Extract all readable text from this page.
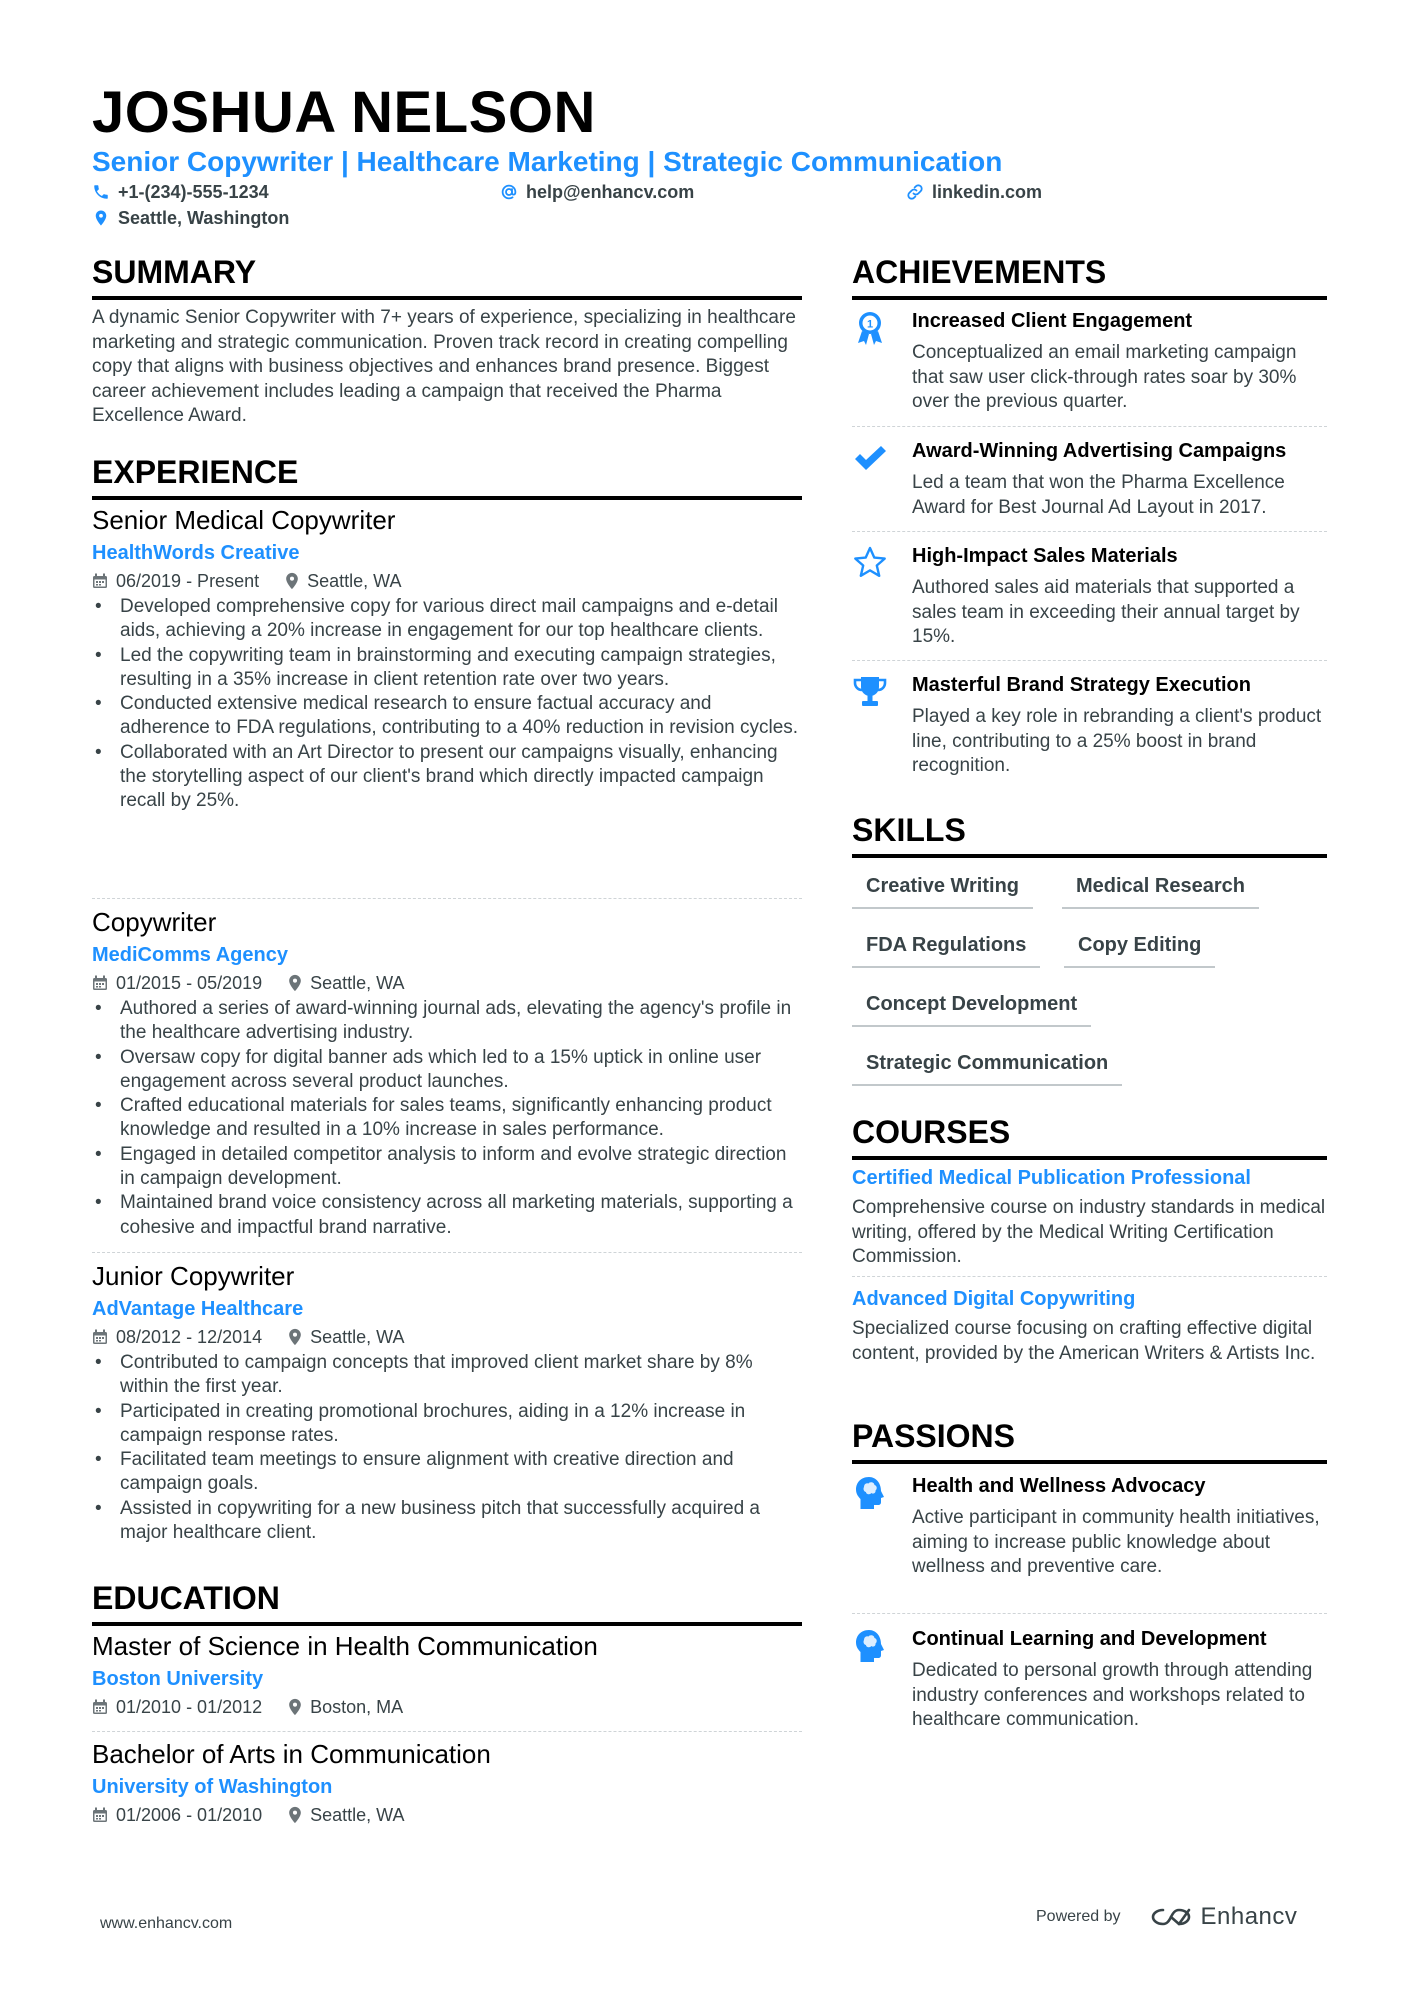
JOSHUA NELSON
Senior Copywriter | Healthcare Marketing | Strategic Communication
+1-(234)-555-1234	help@enhancv.com	linkedin.com
Seattle, Washington
SUMMARY
A dynamic Senior Copywriter with 7+ years of experience, specializing in healthcare marketing and strategic communication. Proven track record in creating compelling copy that aligns with business objectives and enhances brand presence. Biggest career achievement includes leading a campaign that received the Pharma Excellence Award.
EXPERIENCE
Senior Medical Copywriter
HealthWords Creative
06/2019 - Present	Seattle, WA
• Developed comprehensive copy for various direct mail campaigns and e-detail aids, achieving a 20% increase in engagement for our top healthcare clients.
• Led the copywriting team in brainstorming and executing campaign strategies, resulting in a 35% increase in client retention rate over two years.
• Conducted extensive medical research to ensure factual accuracy and adherence to FDA regulations, contributing to a 40% reduction in revision cycles.
• Collaborated with an Art Director to present our campaigns visually, enhancing the storytelling aspect of our client's brand which directly impacted campaign recall by 25%.
Copywriter
MediComms Agency
01/2015 - 05/2019	Seattle, WA
• Authored a series of award-winning journal ads, elevating the agency's profile in the healthcare advertising industry.
• Oversaw copy for digital banner ads which led to a 15% uptick in online user engagement across several product launches.
• Crafted educational materials for sales teams, significantly enhancing product knowledge and resulted in a 10% increase in sales performance.
• Engaged in detailed competitor analysis to inform and evolve strategic direction in campaign development.
• Maintained brand voice consistency across all marketing materials, supporting a cohesive and impactful brand narrative.
Junior Copywriter
AdVantage Healthcare
08/2012 - 12/2014	Seattle, WA
• Contributed to campaign concepts that improved client market share by 8% within the first year.
• Participated in creating promotional brochures, aiding in a 12% increase in campaign response rates.
• Facilitated team meetings to ensure alignment with creative direction and campaign goals.
• Assisted in copywriting for a new business pitch that successfully acquired a major healthcare client.
EDUCATION
Master of Science in Health Communication
Boston University
01/2010 - 01/2012	Boston, MA
Bachelor of Arts in Communication
University of Washington
01/2006 - 01/2010	Seattle, WA
ACHIEVEMENTS
1 Increased Client Engagement
Conceptualized an email marketing campaign that saw user click-through rates soar by 30% over the previous quarter.
Award-Winning Advertising Campaigns
Led a team that won the Pharma Excellence Award for Best Journal Ad Layout in 2017.
High-Impact Sales Materials
Authored sales aid materials that supported a sales team in exceeding their annual target by 15%.
Masterful Brand Strategy Execution
Played a key role in rebranding a client's product line, contributing to a 25% boost in brand recognition.
SKILLS
Creative Writing	Medical Research
FDA Regulations	Copy Editing
Concept Development
Strategic Communication
COURSES
Certified Medical Publication Professional
Comprehensive course on industry standards in medical writing, offered by the Medical Writing Certification Commission.
Advanced Digital Copywriting
Specialized course focusing on crafting effective digital content, provided by the American Writers & Artists Inc.
PASSIONS
Health and Wellness Advocacy
Active participant in community health initiatives, aiming to increase public knowledge about wellness and preventive care.
Continual Learning and Development
Dedicated to personal growth through attending industry conferences and workshops related to healthcare communication.
www.enhancv.com	Powered by	Enhancv
